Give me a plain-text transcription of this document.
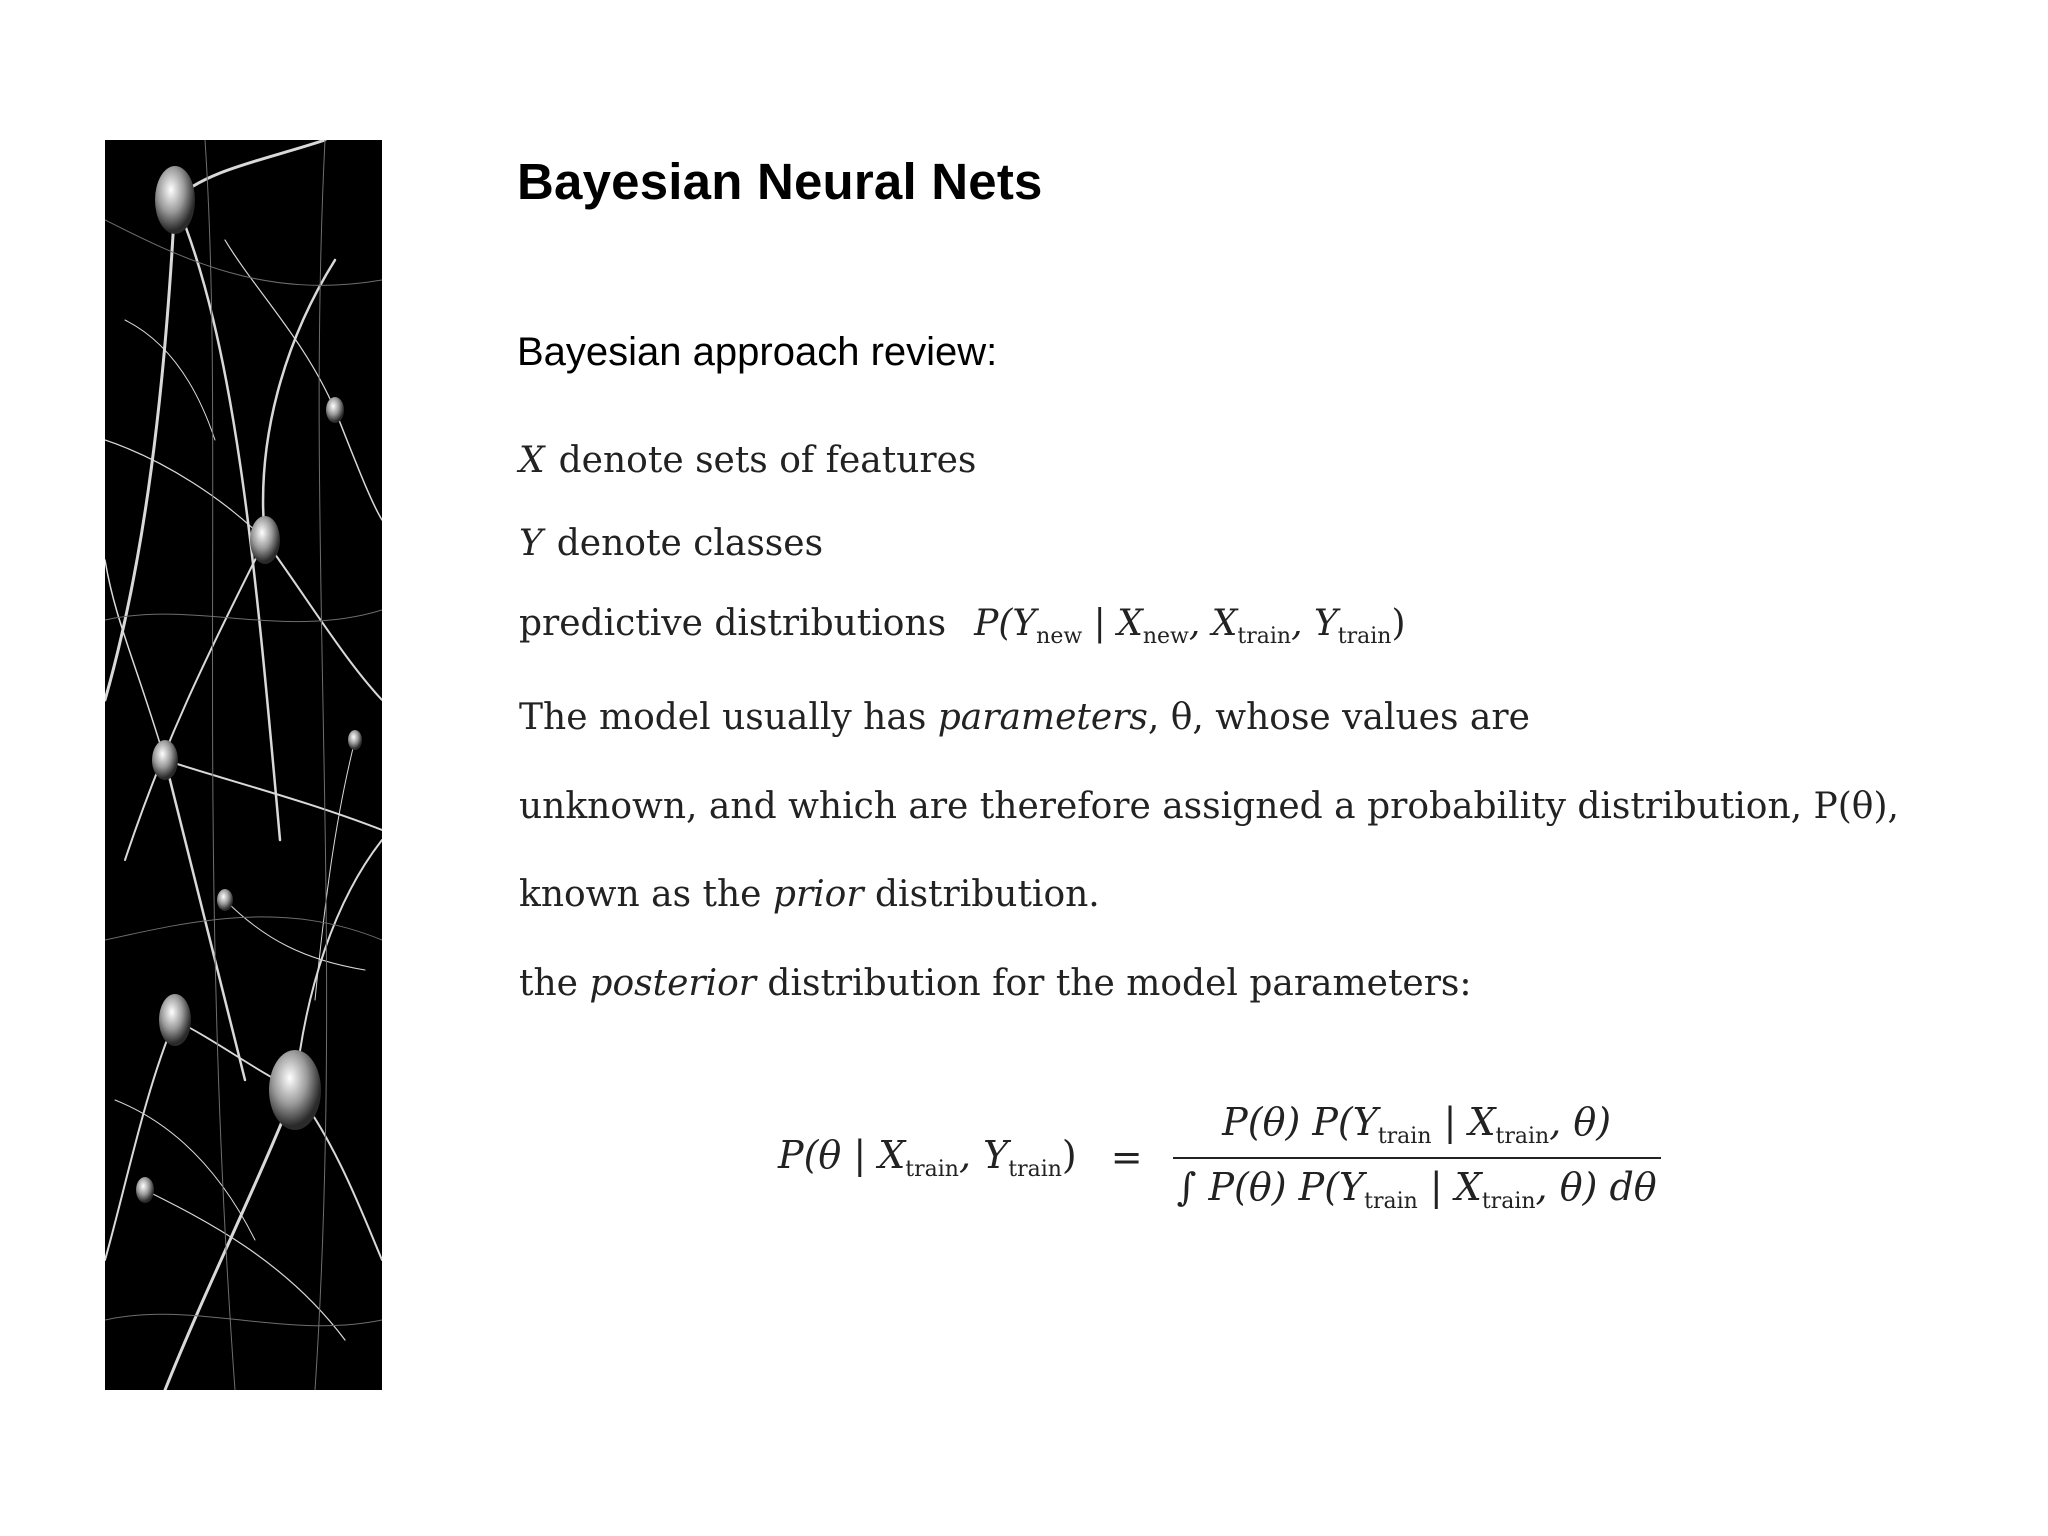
Bayesian Neural Nets
Bayesian approach review:
X denote sets of features
Y denote classes
predictive distributions $P(Y_{new}$ | $X_{new}$, $X_{train}$, $Y_{train}$)
The model usually has parameters, θ, whose values are
unknown, and which are therefore assigned a probability distribution, P(θ),
known as the prior distribution.
the posterior distribution for the model parameters:
P(θ | $X_{train}$, $Y_{train}) = \frac{P(\theta) P(Y_{train} | X_{train}, \theta)}{\int P(\theta) P(Y_{train} | X_{train}, \theta) d\theta}$
